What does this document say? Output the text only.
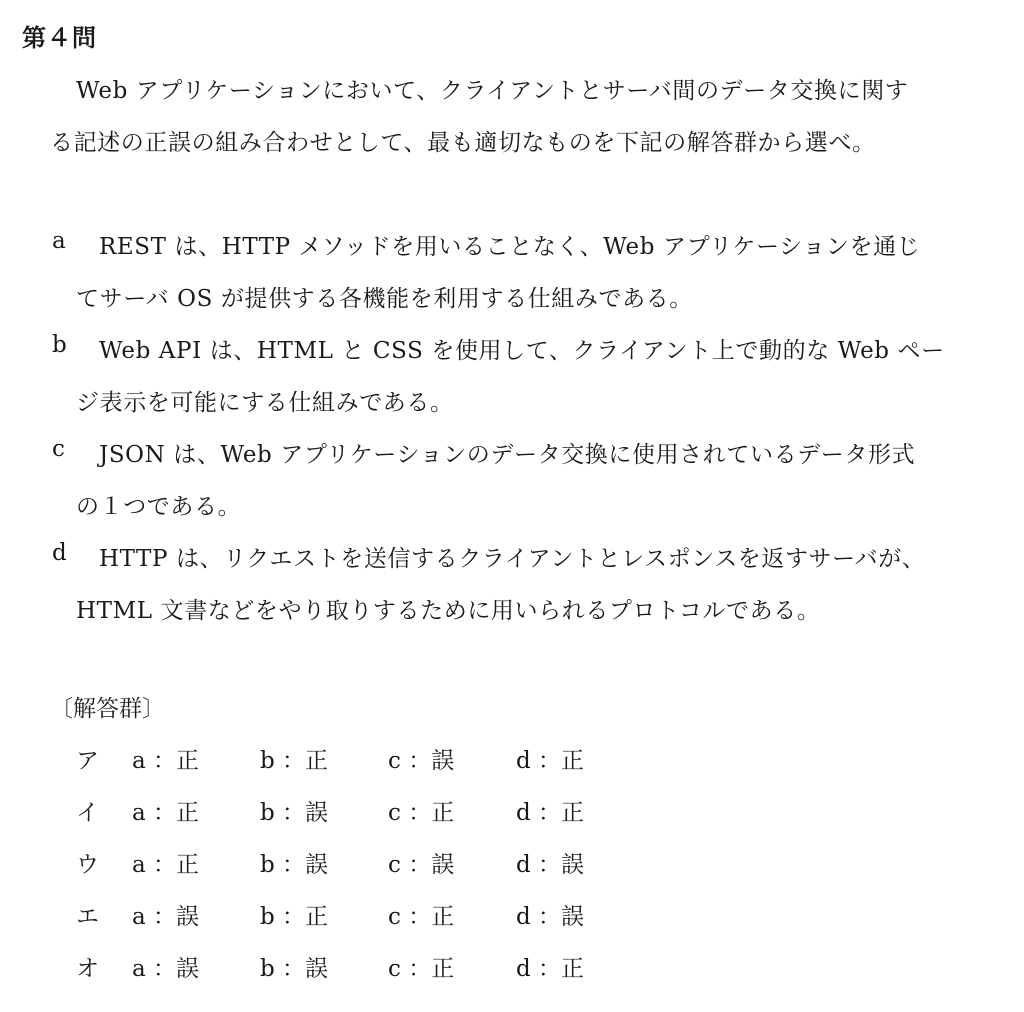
第４問
Web アプリケーションにおいて、クライアントとサーバ間のデータ交換に関す
る記述の正誤の組み合わせとして、最も適切なものを下記の解答群から選べ。
a REST は、HTTP メソッドを用いることなく、Web アプリケーションを通じ
てサーバ OS が提供する各機能を利用する仕組みである。
b Web API は、HTML と CSS を使用して、クライアント上で動的な Web ペー
ジ表示を可能にする仕組みである。
c JSON は、Web アプリケーションのデータ交換に使用されているデータ形式
の１つである。
d HTTP は、リクエストを送信するクライアントとレスポンスを返すサーバが、
HTML 文書などをやり取りするために用いられるプロトコルである。
〔解答群〕
ア a ：正	b ：正	c ：誤	d ：正
イ a ：正	b ：誤	c ：正	d ：正
ウ a ：正	b ：誤	c ：誤	d ：誤
エ a ：誤	b ：正	c ：正	d ：誤
オ a ：誤	b ：誤	c ：正	d ：正
